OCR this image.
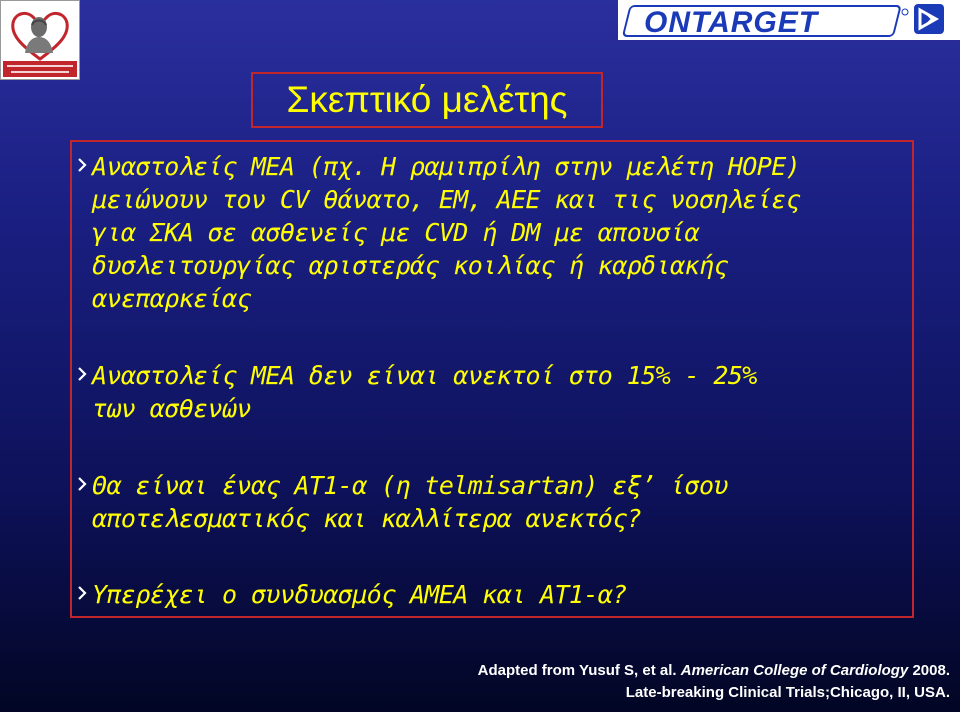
ONTARGET
Σκεπτικό μελέτης
Αναστολείς ΜΕΑ (πχ. Η ραμιπρίλη στην μελέτη HOPE)
μειώνουν τον CV θάνατο, ΕΜ, ΑΕΕ και τις νοσηλείες
για ΣΚΑ σε ασθενείς με CVD ή DM με απουσία
δυσλειτουργίας αριστεράς κοιλίας ή καρδιακής
ανεπαρκείας
Αναστολείς ΜΕΑ δεν είναι ανεκτοί στο 15% - 25%
των ασθενών
Θα είναι ένας ΑΤ1-α (η telmisartan) εξ’ ίσου
αποτελεσματικός και καλλίτερα ανεκτός?
Υπερέχει ο συνδυασμός ΑΜΕΑ και ΑΤ1-α?
Adapted from Yusuf S, et al. American College of Cardiology 2008.
Late-breaking Clinical Trials;Chicago, II, USA.
